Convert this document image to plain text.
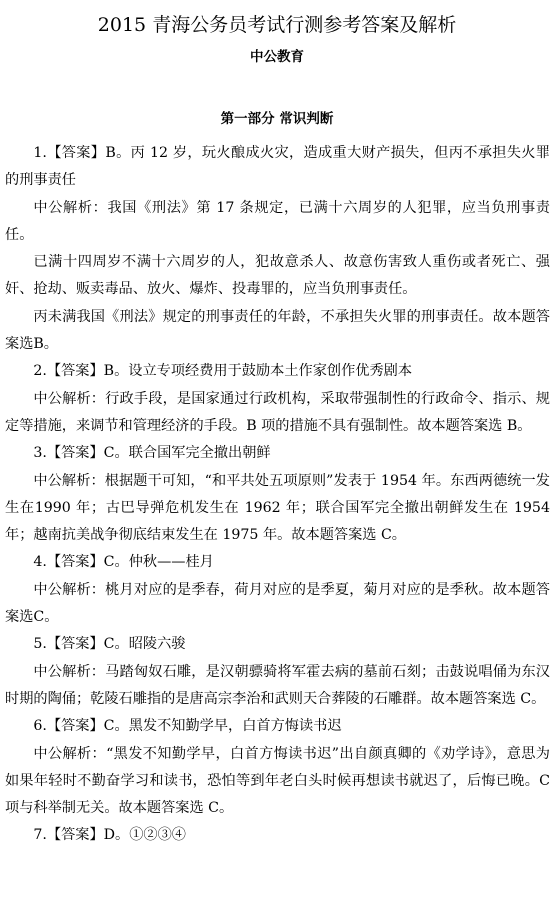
2015 青海公务员考试行测参考答案及解析
中公教育
第一部分 常识判断

1.【答案】B。丙 12 岁，玩火酿成火灾，造成重大财产损失，但丙不承担失火罪的刑事责任

中公解析：我国《刑法》第 17 条规定，已满十六周岁的人犯罪，应当负刑事责任。

已满十四周岁不满十六周岁的人，犯故意杀人、故意伤害致人重伤或者死亡、强奸、抢劫、贩卖毒品、放火、爆炸、投毒罪的，应当负刑事责任。

丙未满我国《刑法》规定的刑事责任的年龄，不承担失火罪的刑事责任。故本题答案选B。

2.【答案】B。设立专项经费用于鼓励本土作家创作优秀剧本

中公解析：行政手段，是国家通过行政机构，采取带强制性的行政命令、指示、规定等措施，来调节和管理经济的手段。B 项的措施不具有强制性。故本题答案选 B。

3.【答案】C。联合国军完全撤出朝鲜

中公解析：根据题干可知，“和平共处五项原则”发表于 1954 年。东西两德统一发生在1990 年；古巴导弹危机发生在 1962 年；联合国军完全撤出朝鲜发生在 1954 年；越南抗美战争彻底结束发生在 1975 年。故本题答案选 C。

4.【答案】C。仲秋——桂月

中公解析：桃月对应的是季春，荷月对应的是季夏，菊月对应的是季秋。故本题答案选C。

5.【答案】C。昭陵六骏

中公解析：马踏匈奴石雕，是汉朝骠骑将军霍去病的墓前石刻；击鼓说唱俑为东汉时期的陶俑；乾陵石雕指的是唐高宗李治和武则天合葬陵的石雕群。故本题答案选 C。

6.【答案】C。黑发不知勤学早，白首方悔读书迟

中公解析：“黑发不知勤学早，白首方悔读书迟”出自颜真卿的《劝学诗》，意思为如果年轻时不勤奋学习和读书，恐怕等到年老白头时候再想读书就迟了，后悔已晚。C 项与科举制无关。故本题答案选 C。

7.【答案】D。①②③④
